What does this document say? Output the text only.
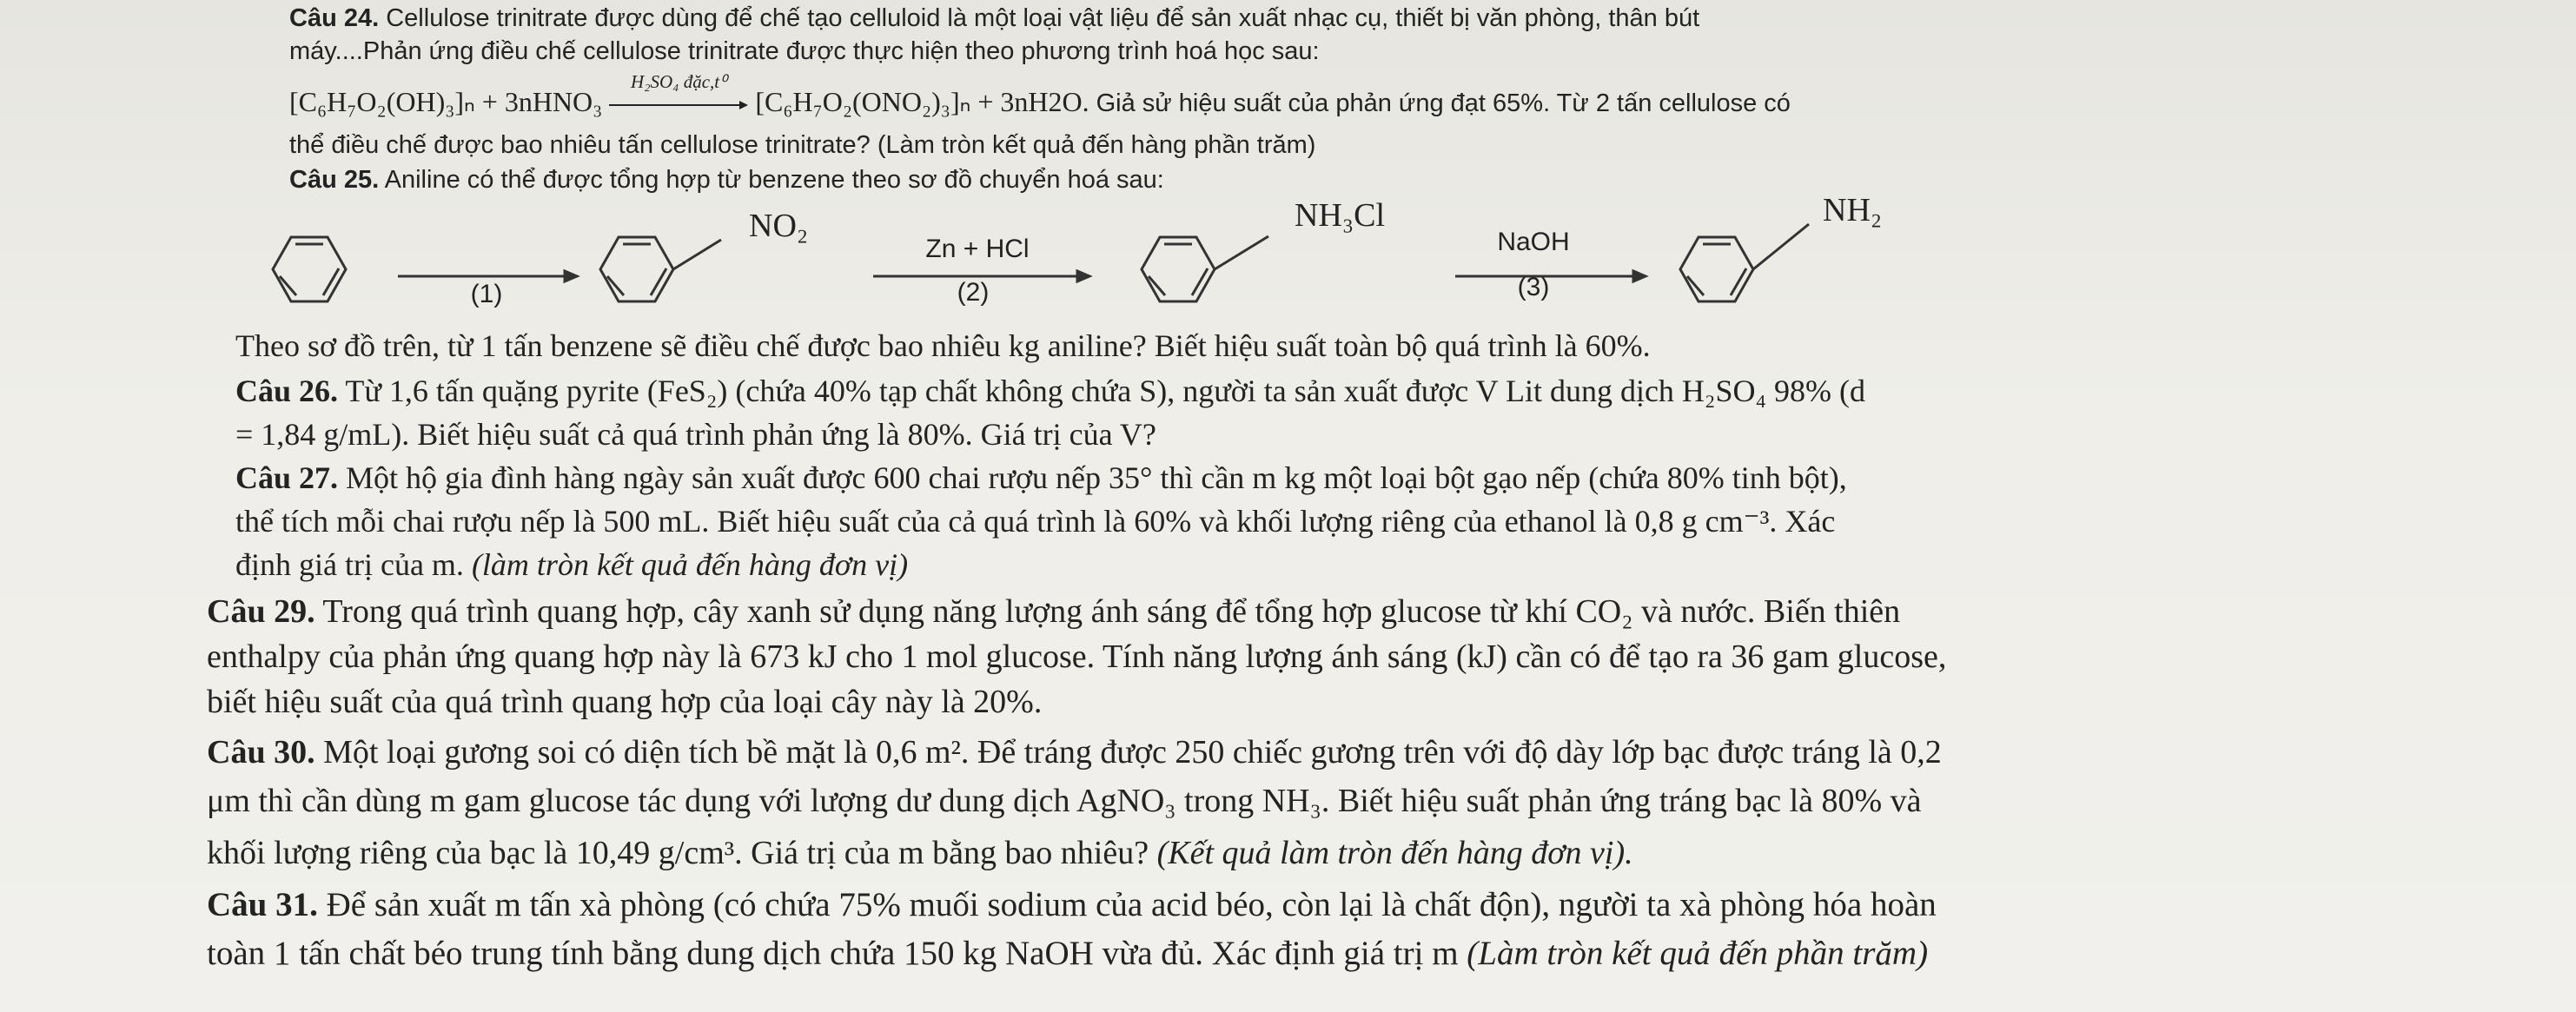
Câu 24. Cellulose trinitrate được dùng để chế tạo celluloid là một loại vật liệu để sản xuất nhạc cụ, thiết bị văn phòng, thân bút
máy....Phản ứng điều chế cellulose trinitrate được thực hiện theo phương trình hoá học sau:
[C₆H₇O₂(OH)₃]ₙ + 3nHNO₃
H₂SO₄ đặc,t⁰
[C₆H₇O₂(ONO₂)₃]ₙ + 3nH2O. Giả sử hiệu suất của phản ứng đạt 65%. Từ 2 tấn cellulose có
thể điều chế được bao nhiêu tấn cellulose trinitrate? (Làm tròn kết quả đến hàng phần trăm)
Câu 25. Aniline có thể được tổng hợp từ benzene theo sơ đồ chuyển hoá sau:
(1)
Zn + HCl
(2)
NaOH
(3)
NO₂	NH₃Cl	NH₂
Theo sơ đồ trên, từ 1 tấn benzene sẽ điều chế được bao nhiêu kg aniline? Biết hiệu suất toàn bộ quá trình là 60%.
Câu 26. Từ 1,6 tấn quặng pyrite (FeS₂) (chứa 40% tạp chất không chứa S), người ta sản xuất được V Lit dung dịch H₂SO₄ 98% (d
= 1,84 g/mL). Biết hiệu suất cả quá trình phản ứng là 80%. Giá trị của V?
Câu 27. Một hộ gia đình hàng ngày sản xuất được 600 chai rượu nếp 35° thì cần m kg một loại bột gạo nếp (chứa 80% tinh bột),
thể tích mỗi chai rượu nếp là 500 mL. Biết hiệu suất của cả quá trình là 60% và khối lượng riêng của ethanol là 0,8 g cm⁻³. Xác
định giá trị của m. (làm tròn kết quả đến hàng đơn vị)
Câu 29. Trong quá trình quang hợp, cây xanh sử dụng năng lượng ánh sáng để tổng hợp glucose từ khí CO₂ và nước. Biến thiên
enthalpy của phản ứng quang hợp này là 673 kJ cho 1 mol glucose. Tính năng lượng ánh sáng (kJ) cần có để tạo ra 36 gam glucose,
biết hiệu suất của quá trình quang hợp của loại cây này là 20%.
Câu 30. Một loại gương soi có diện tích bề mặt là 0,6 m². Để tráng được 250 chiếc gương trên với độ dày lớp bạc được tráng là 0,2
μm thì cần dùng m gam glucose tác dụng với lượng dư dung dịch AgNO₃ trong NH₃. Biết hiệu suất phản ứng tráng bạc là 80% và
khối lượng riêng của bạc là 10,49 g/cm³. Giá trị của m bằng bao nhiêu? (Kết quả làm tròn đến hàng đơn vị).
Câu 31. Để sản xuất m tấn xà phòng (có chứa 75% muối sodium của acid béo, còn lại là chất độn), người ta xà phòng hóa hoàn
toàn 1 tấn chất béo trung tính bằng dung dịch chứa 150 kg NaOH vừa đủ. Xác định giá trị m (Làm tròn kết quả đến phần trăm)
